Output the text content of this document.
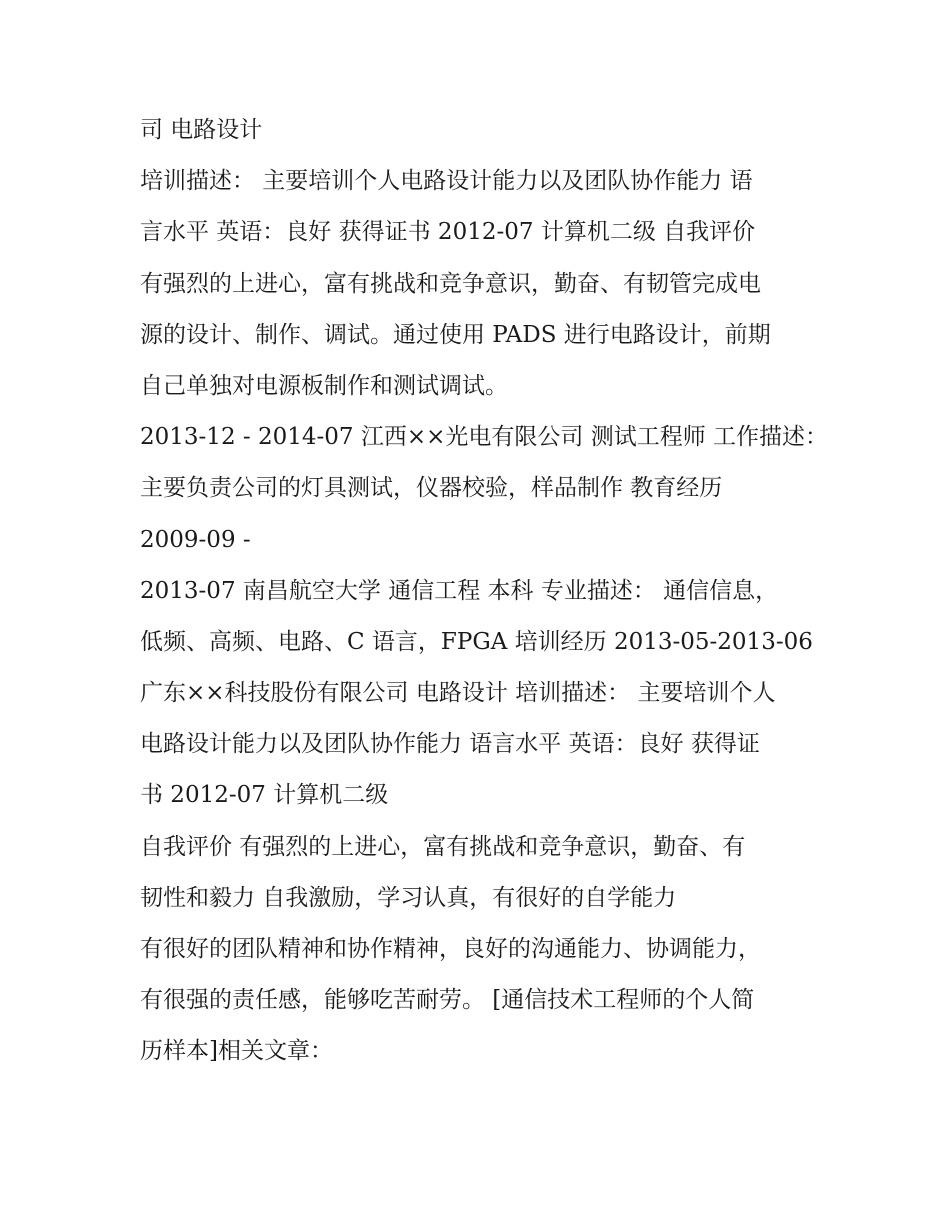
司 电路设计
培训描述： 主要培训个人电路设计能力以及团队协作能力 语
言水平 英语：良好 获得证书 2012-07 计算机二级 自我评价
有强烈的上进心，富有挑战和竞争意识，勤奋、有韧管完成电
源的设计、制作、调试。通过使用 PADS 进行电路设计，前期
自己单独对电源板制作和测试调试。
2013-12 - 2014-07 江西××光电有限公司 测试工程师 工作描述：
主要负责公司的灯具测试，仪器校验，样品制作 教育经历
2009-09 -
2013-07 南昌航空大学 通信工程 本科 专业描述： 通信信息，
低频、高频、电路、C 语言，FPGA 培训经历 2013-05-2013-06
广东××科技股份有限公司 电路设计 培训描述： 主要培训个人
电路设计能力以及团队协作能力 语言水平 英语：良好 获得证
书 2012-07 计算机二级
自我评价 有强烈的上进心，富有挑战和竞争意识，勤奋、有
韧性和毅力 自我激励，学习认真，有很好的自学能力
有很好的团队精神和协作精神，良好的沟通能力、协调能力，
有很强的责任感，能够吃苦耐劳。 [通信技术工程师的个人简
历样本]相关文章：
